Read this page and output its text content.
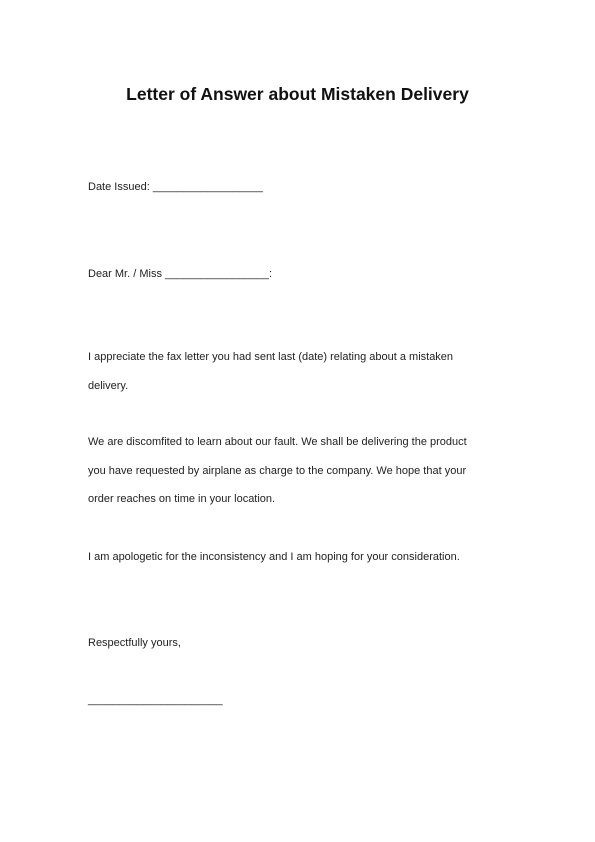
Letter of Answer about Mistaken Delivery

Date Issued: __________________

Dear Mr. / Miss _________________:

I appreciate the fax letter you had sent last (date) relating about a mistaken
delivery.
We are discomfited to learn about our fault. We shall be delivering the product
you have requested by airplane as charge to the company. We hope that your
order reaches on time in your location.

I am apologetic for the inconsistency and I am hoping for your consideration.

Respectfully yours,

______________________
